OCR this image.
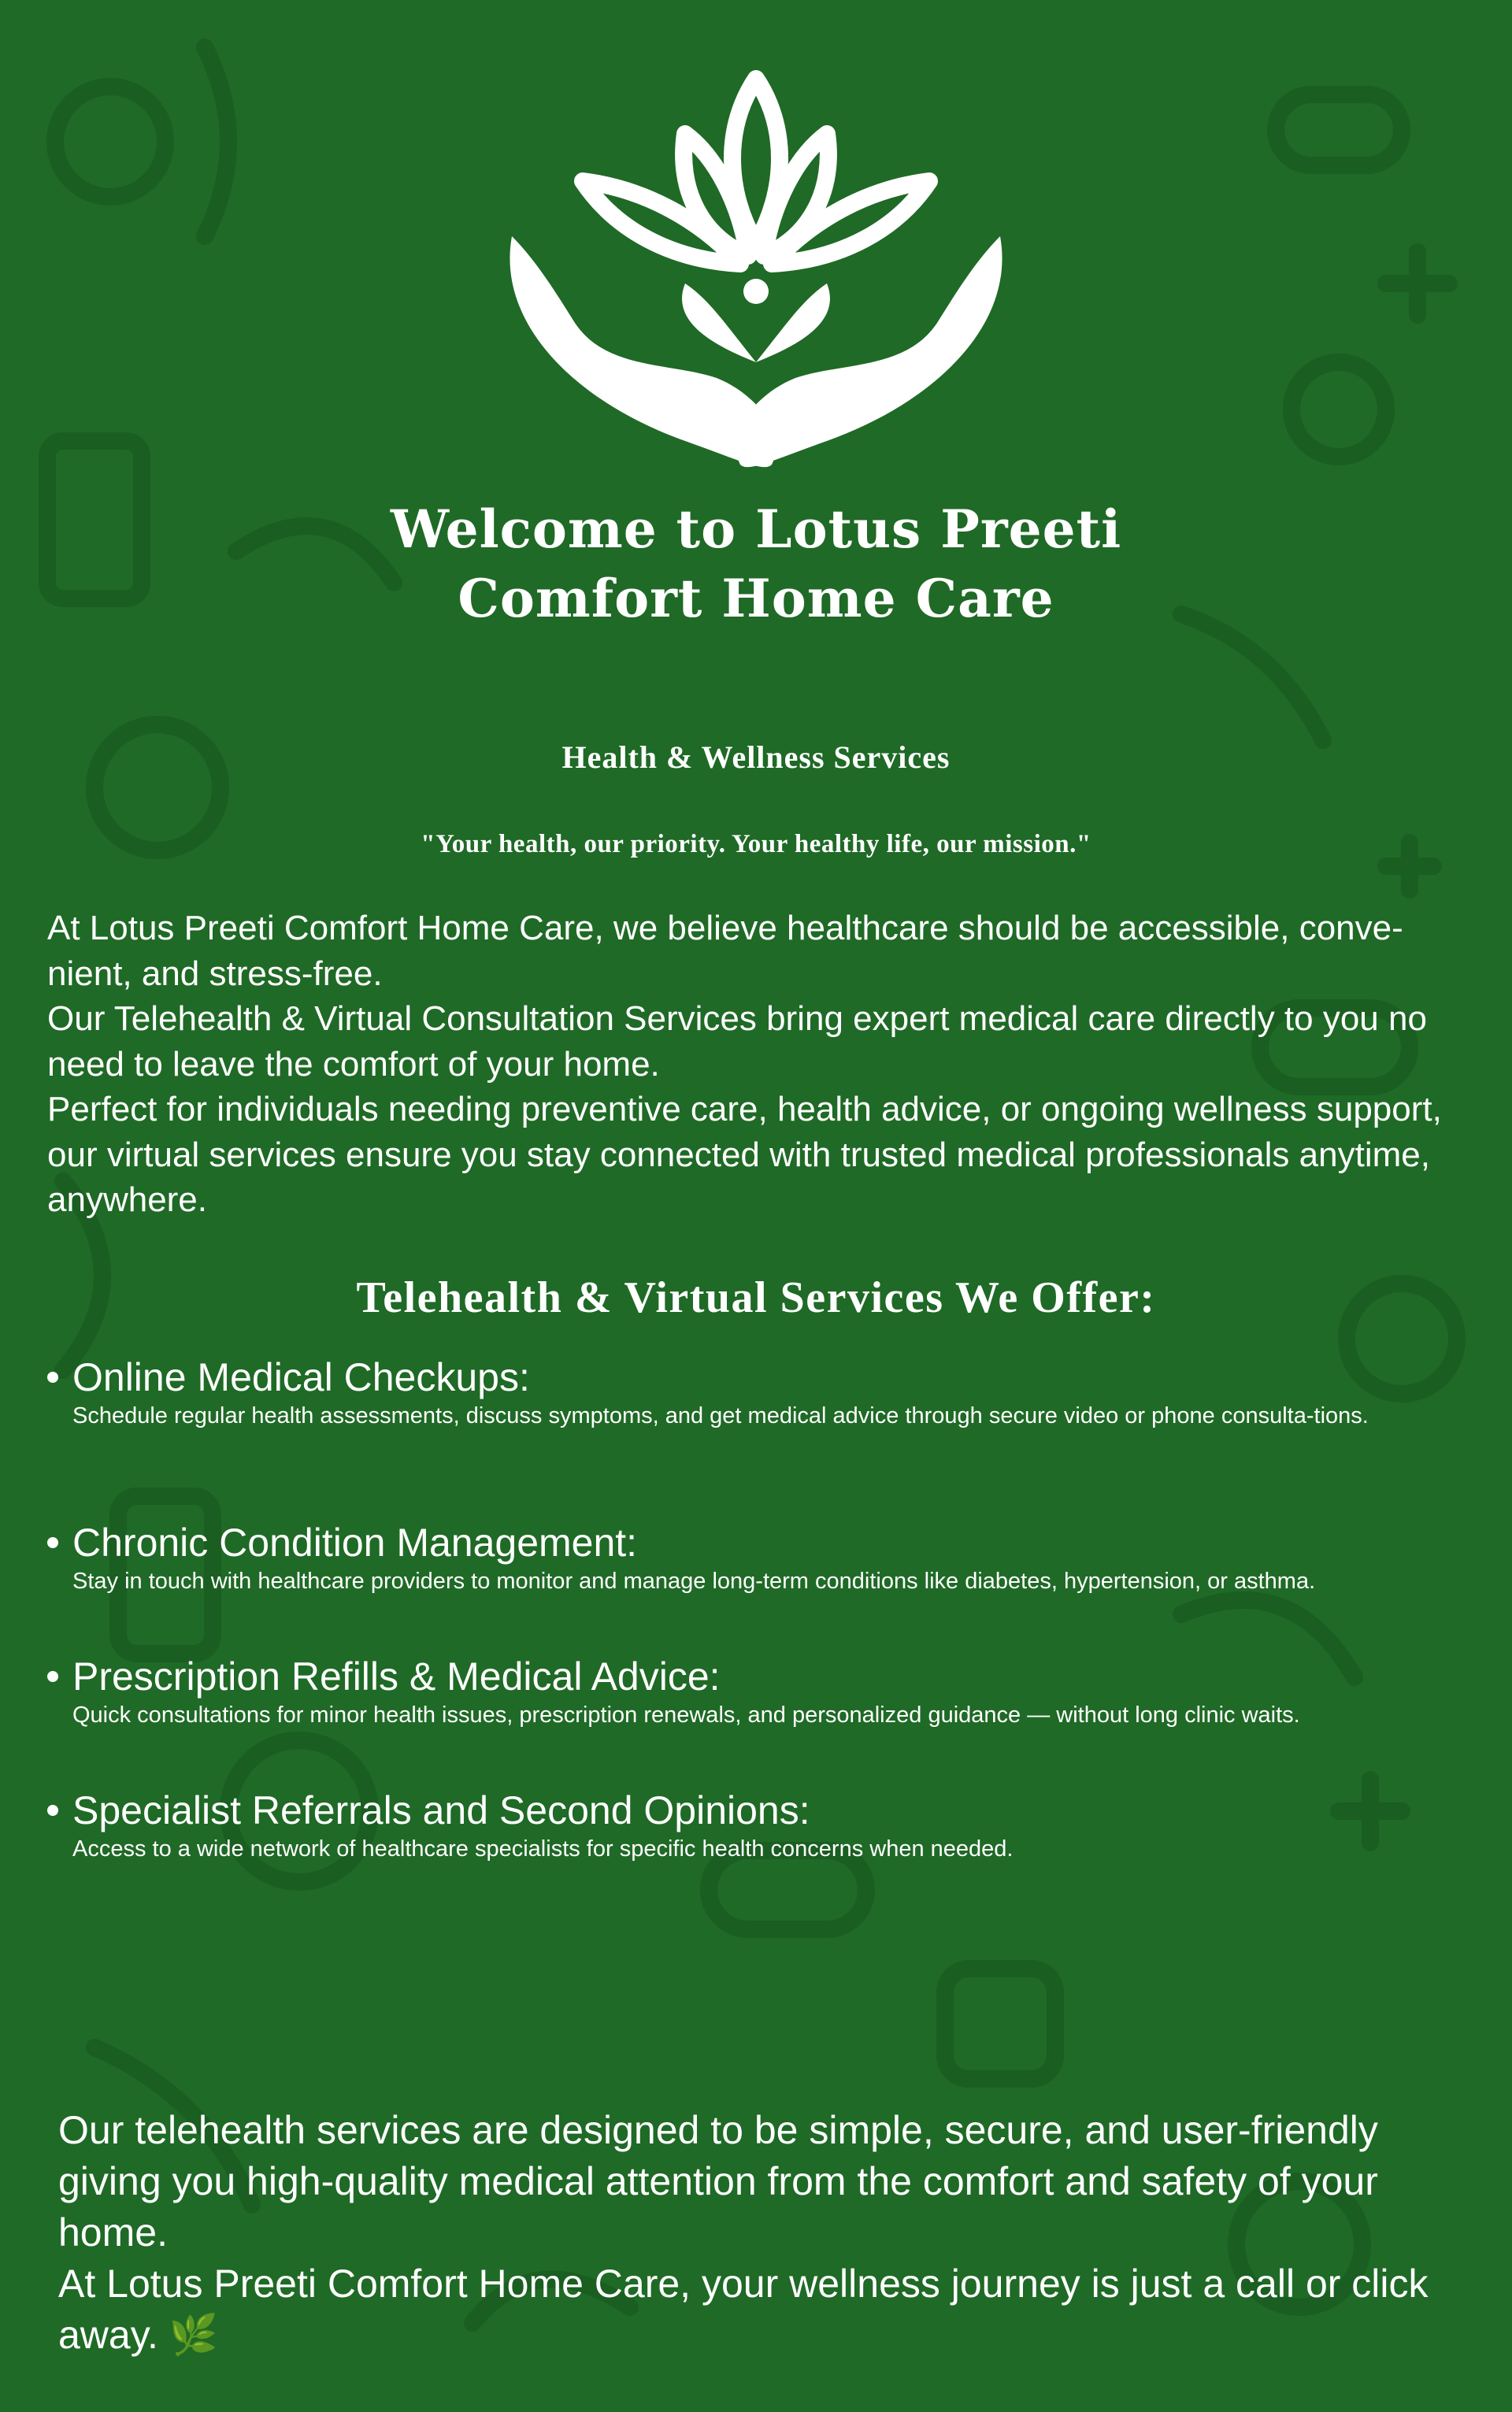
Welcome to Lotus Preeti
Comfort Home Care
Health & Wellness Services

"Your health, our priority. Your healthy life, our mission."

At Lotus Preeti Comfort Home Care, we believe healthcare should be accessible, conve-nient, and stress-free.

Our Telehealth & Virtual Consultation Services bring expert medical care directly to you no need to leave the comfort of your home.

Perfect for individuals needing preventive care, health advice, or ongoing wellness support, our virtual services ensure you stay connected with trusted medical professionals anytime, anywhere.

Telehealth & Virtual Services We Offer:
Online Medical Checkups:

Schedule regular health assessments, discuss symptoms, and get medical advice through secure video or phone consulta-tions.

Chronic Condition Management:

Stay in touch with healthcare providers to monitor and manage long-term conditions like diabetes, hypertension, or asthma.

Prescription Refills & Medical Advice:

Quick consultations for minor health issues, prescription renewals, and personalized guidance — without long clinic waits.

Specialist Referrals and Second Opinions:

Access to a wide network of healthcare specialists for specific health concerns when needed.

Our telehealth services are designed to be simple, secure, and user-friendly giving you high-quality medical attention from the comfort and safety of your home.

At Lotus Preeti Comfort Home Care, your wellness journey is just a call or click away. 🌿
